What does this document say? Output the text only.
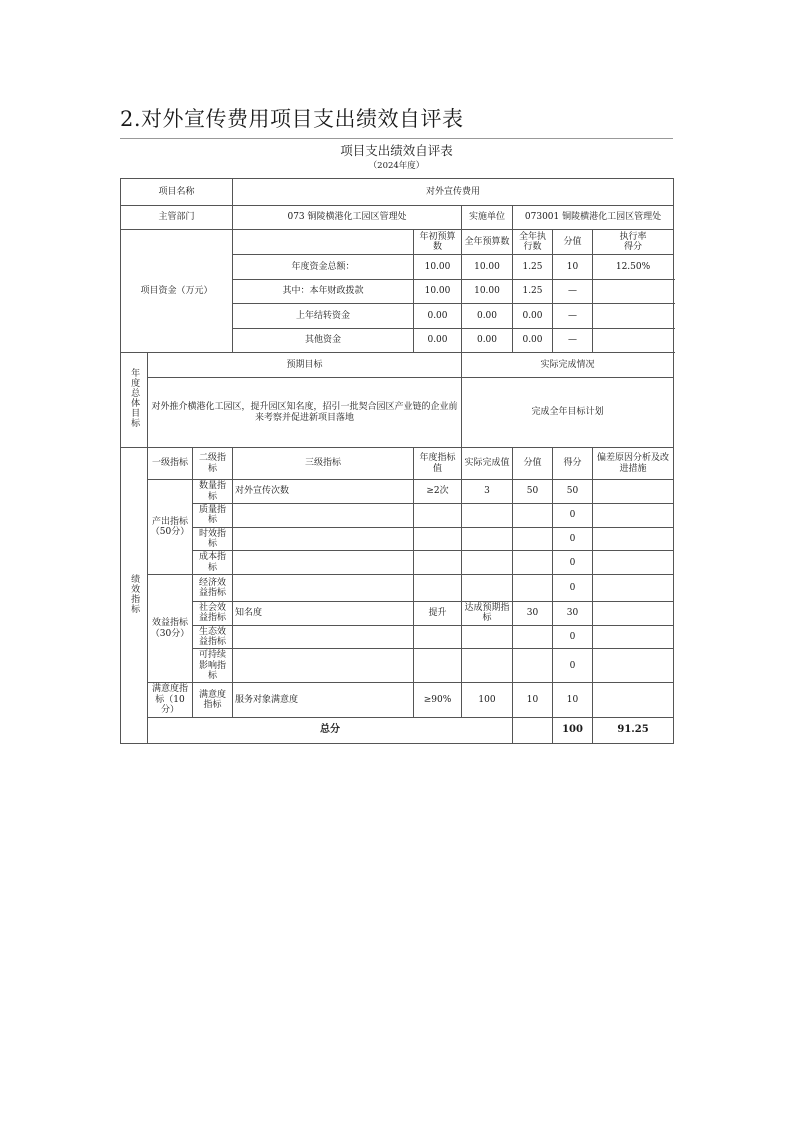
2.对外宣传费用项目支出绩效自评表
项目支出绩效自评表
（2024年度）
项目名称			对外宣传费用						
主管部门			073 铜陵横港化工园区管理处		实施单位	073001 铜陵横港化工园区管理处			
项目资金（万元）				年初预算数	全年预算数	全年执行数	分值	执行率 得分	
			年度资金总额：	10.00	10.00	1.25	10	12.50%	
			其中：本年财政拨款	10.00	10.00	1.25	—		
			上年结转资金	0.00	0.00	0.00	—		
			其他资金	0.00	0.00	0.00	—		
年度总体目标	预期目标				实际完成情况				
	对外推介横港化工园区，提升园区知名度，招引一批契合园区产业链的企业前来考察并促进新项目落地				完成全年目标计划				
绩效指标	一级指标	二级指标	三级指标	年度指标值	实际完成值	分值	得分	偏差原因分析及改进措施	
	产出指标（50分）	数量指标	对外宣传次数	≥2次	3	50	50		
		质量指标					0		
		时效指标					0		
		成本指标					0		
	效益指标（30分）	经济效益指标					0		
		社会效益指标	知名度	提升	达成预期指标	30	30		
		生态效益指标					0		
		可持续影响指标					0		
	满意度指标（10分）	满意度指标	服务对象满意度	≥90%	100	10	10		
	总分						100	91.25	
